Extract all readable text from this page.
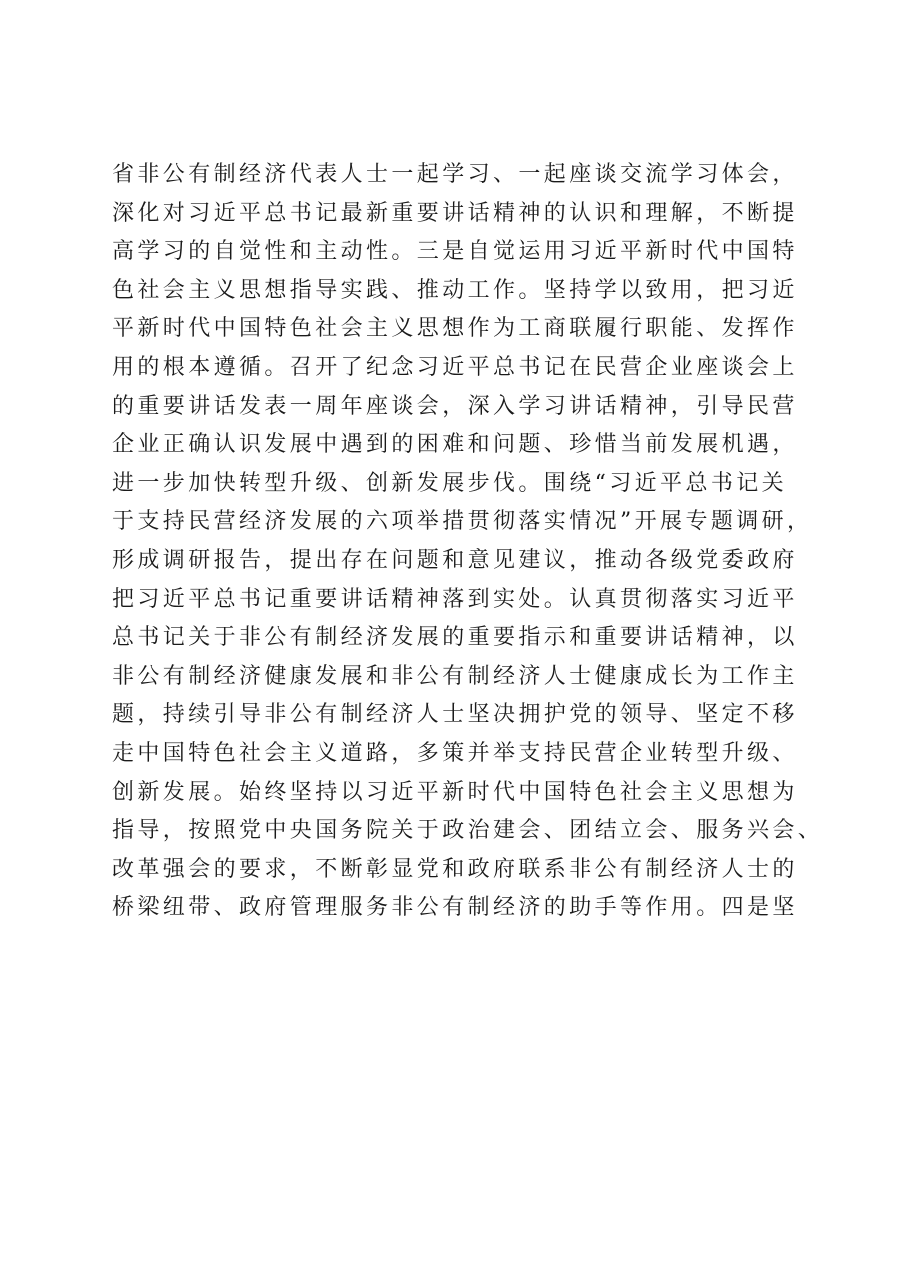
省非公有制经济代表人士一起学习、一起座谈交流学习体会，
深化对习近平总书记最新重要讲话精神的认识和理解，不断提
高学习的自觉性和主动性。三是自觉运用习近平新时代中国特
色社会主义思想指导实践、推动工作。坚持学以致用，把习近
平新时代中国特色社会主义思想作为工商联履行职能、发挥作
用的根本遵循。召开了纪念习近平总书记在民营企业座谈会上
的重要讲话发表一周年座谈会，深入学习讲话精神，引导民营
企业正确认识发展中遇到的困难和问题、珍惜当前发展机遇，
进一步加快转型升级、创新发展步伐。围绕“习近平总书记关
于支持民营经济发展的六项举措贯彻落实情况”开展专题调研，
形成调研报告，提出存在问题和意见建议，推动各级党委政府
把习近平总书记重要讲话精神落到实处。认真贯彻落实习近平
总书记关于非公有制经济发展的重要指示和重要讲话精神，以
非公有制经济健康发展和非公有制经济人士健康成长为工作主
题，持续引导非公有制经济人士坚决拥护党的领导、坚定不移
走中国特色社会主义道路，多策并举支持民营企业转型升级、
创新发展。始终坚持以习近平新时代中国特色社会主义思想为
指导，按照党中央国务院关于政治建会、团结立会、服务兴会、
改革强会的要求，不断彰显党和政府联系非公有制经济人士的
桥梁纽带、政府管理服务非公有制经济的助手等作用。四是坚
